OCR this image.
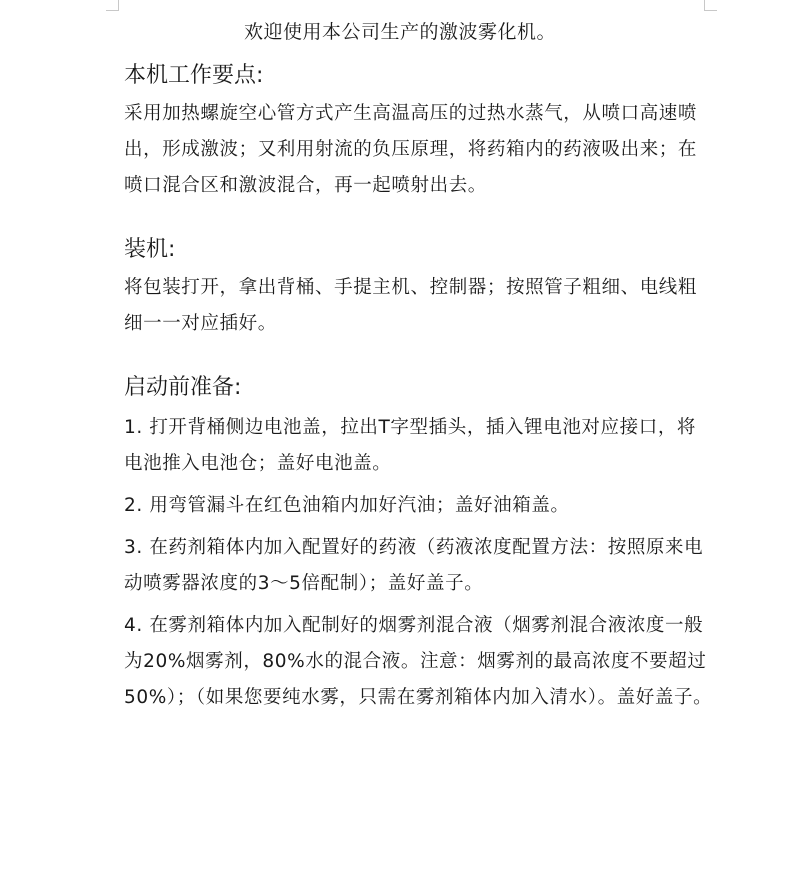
欢迎使用本公司生产的激波雾化机。
本机工作要点:

采用加热螺旋空心管方式产生高温高压的过热水蒸气，从喷口高速喷出，形成激波；又利用射流的负压原理，将药箱内的药液吸出来；在喷口混合区和激波混合，再一起喷射出去。

装机:

将包装打开，拿出背桶、手提主机、控制器；按照管子粗细、电线粗细一一对应插好。

启动前准备:
1. 打开背桶侧边电池盖，拉出T字型插头，插入锂电池对应接口，将电池推入电池仓；盖好电池盖。
2. 用弯管漏斗在红色油箱内加好汽油；盖好油箱盖。
3. 在药剂箱体内加入配置好的药液（药液浓度配置方法：按照原来电动喷雾器浓度的3～5倍配制）；盖好盖子。
4. 在雾剂箱体内加入配制好的烟雾剂混合液（烟雾剂混合液浓度一般为20%烟雾剂，80%水的混合液。注意：烟雾剂的最高浓度不要超过50%）；（如果您要纯水雾，只需在雾剂箱体内加入清水）。盖好盖子。
